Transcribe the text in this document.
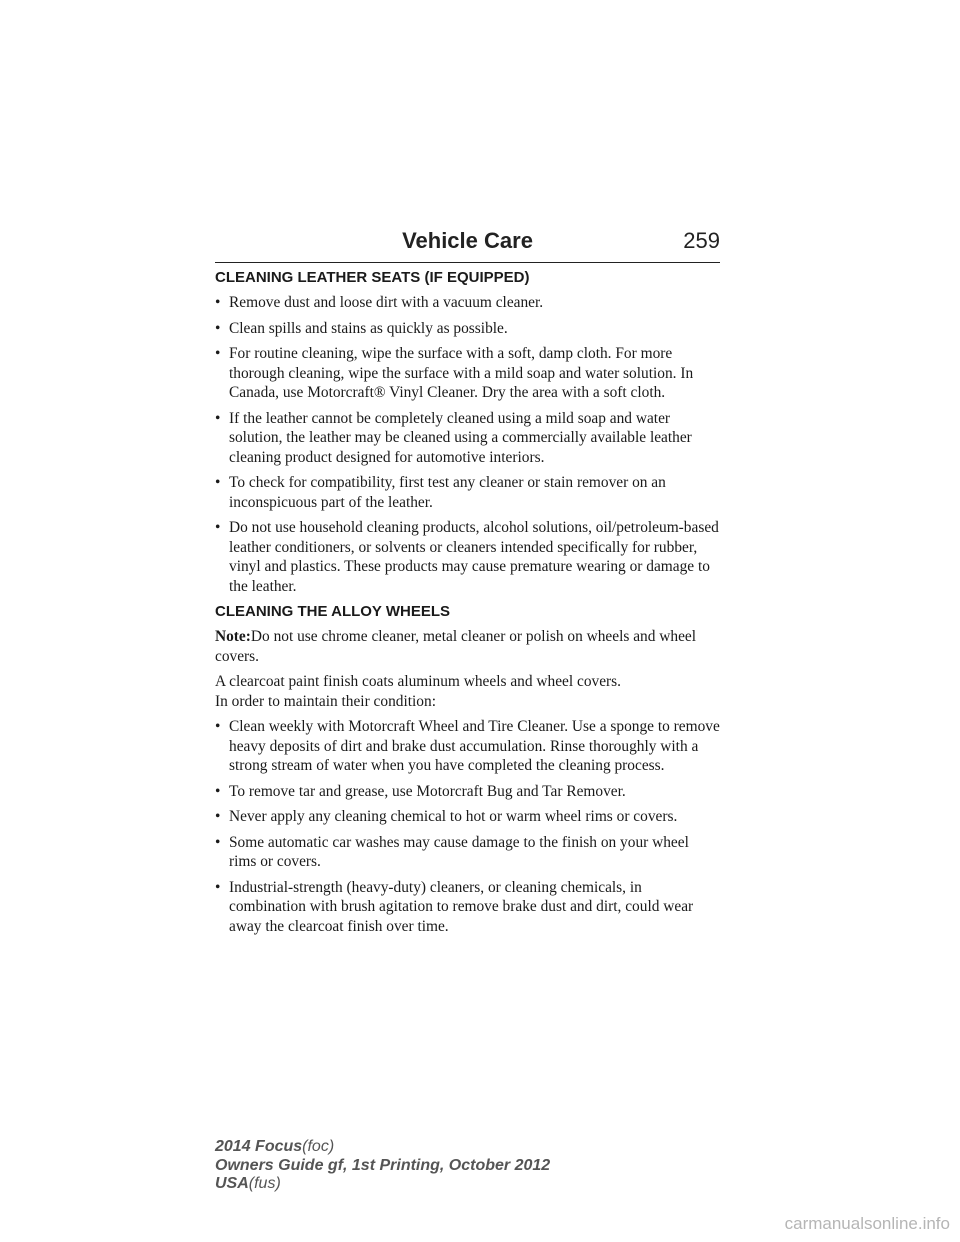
Vehicle Care	259
CLEANING LEATHER SEATS (IF EQUIPPED)
• Remove dust and loose dirt with a vacuum cleaner.
• Clean spills and stains as quickly as possible.
• For routine cleaning, wipe the surface with a soft, damp cloth. For more thorough cleaning, wipe the surface with a mild soap and water solution. In Canada, use Motorcraft® Vinyl Cleaner. Dry the area with a soft cloth.
• If the leather cannot be completely cleaned using a mild soap and water solution, the leather may be cleaned using a commercially available leather cleaning product designed for automotive interiors.
• To check for compatibility, first test any cleaner or stain remover on an inconspicuous part of the leather.
• Do not use household cleaning products, alcohol solutions, oil/petroleum-based leather conditioners, or solvents or cleaners intended specifically for rubber, vinyl and plastics. These products may cause premature wearing or damage to the leather.
CLEANING THE ALLOY WHEELS

Note:Do not use chrome cleaner, metal cleaner or polish on wheels and wheel covers.

A clearcoat paint finish coats aluminum wheels and wheel covers.
In order to maintain their condition:

• Clean weekly with Motorcraft Wheel and Tire Cleaner. Use a sponge to remove heavy deposits of dirt and brake dust accumulation. Rinse thoroughly with a strong stream of water when you have completed the cleaning process.
• To remove tar and grease, use Motorcraft Bug and Tar Remover.
• Never apply any cleaning chemical to hot or warm wheel rims or covers.
• Some automatic car washes may cause damage to the finish on your wheel rims or covers.
• Industrial-strength (heavy-duty) cleaners, or cleaning chemicals, in combination with brush agitation to remove brake dust and dirt, could wear away the clearcoat finish over time.
2014 Focus(foc)
Owners Guide gf, 1st Printing, October 2012
USA(fus)
carmanualsonline.info
